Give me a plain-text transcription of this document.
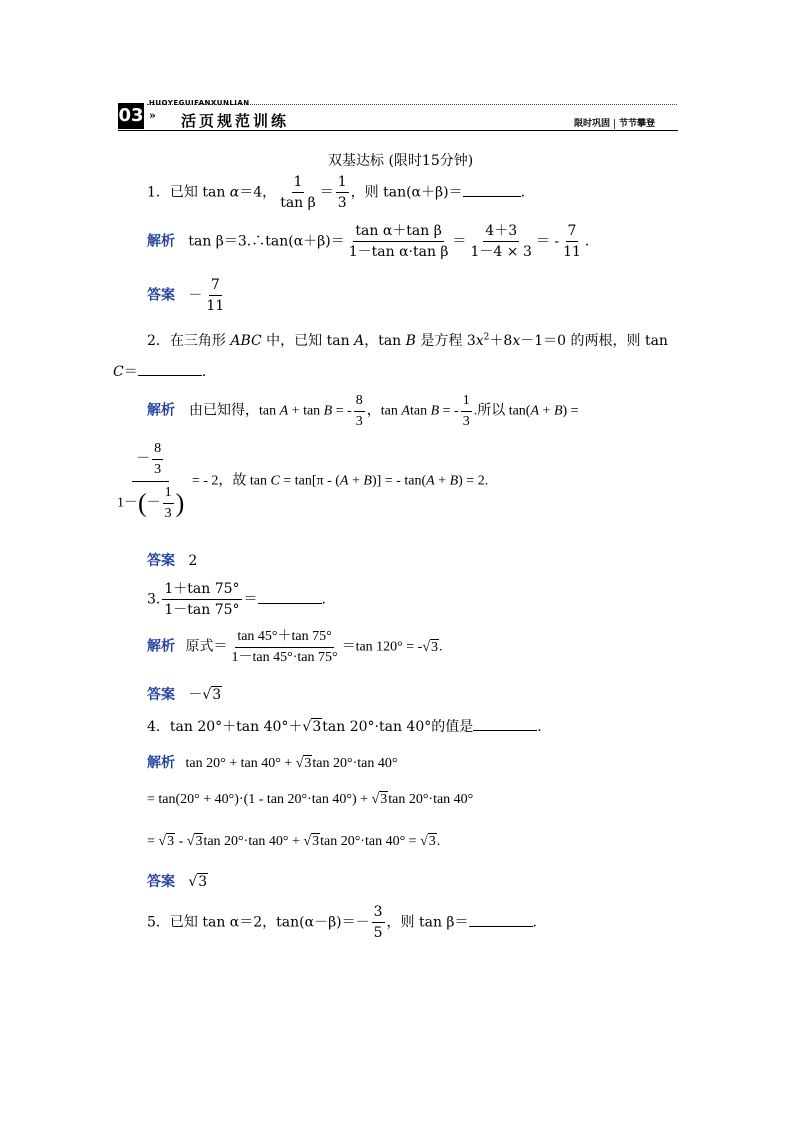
03
HUOYEGUIFANXUNLIAN
» 活页规范训练	限时巩固 节节攀登
双基达标 (限时15分钟)
1．已知 tan α＝4， $\frac{1}{\text{tan β}} = \frac{1}{3}$ ，则 tan(α＋β)＝	.
解析 tan β＝3.∴tan(α＋β)＝ $\frac{\text{tan α＋tan β}}{\text{1－tan α·tan β}} = \frac{4+3}{1-4 \times 3}$ ＝ - $\frac{7}{11}$ .
答案 － $\frac{7}{11}$
2．在三角形 ABC 中，已知 tan A，tan B 是方程 $3x^2+8x-1=0$ 的两根，则 tan
C＝	.
解析 由已知得，tan A + tan B = - $\frac{8}{3}$ ，tan Atan B = - $\frac{1}{3}$ .所以 tan(A + B) =
$\frac{- \frac{8}{3}}{1-(- \frac{1}{3} )}$ = - 2，故 tan C = tan[π - (A + B)] = - tan(A + B) = 2.
答案 2
3. $\frac{1+\tan 75^\circ}{1-\tan 75^\circ}$ ＝	.
解析 原式＝ $\frac{\tan 45^\circ+\tan 75^\circ}{1-\tan 45^\circ\cdot\tan 75^\circ} =\tan$ 120° = -√3.
答案 －√3
4．tan 20°＋tan 40°＋√3tan 20°·tan 40°的值是	.
解析 tan 20° + tan 40° + √3tan 20°·tan 40°
= tan(20° + 40°)·(1 - tan 20°·tan 40°) + √3tan 20°·tan 40°
= √3 - √3tan 20°·tan 40° + √3tan 20°·tan 40° = √3.
答案 √3
5．已知 tan α＝2，$\tan(\alpha-\beta)=- \frac{3}{5}$ ，则 tan β＝	.
